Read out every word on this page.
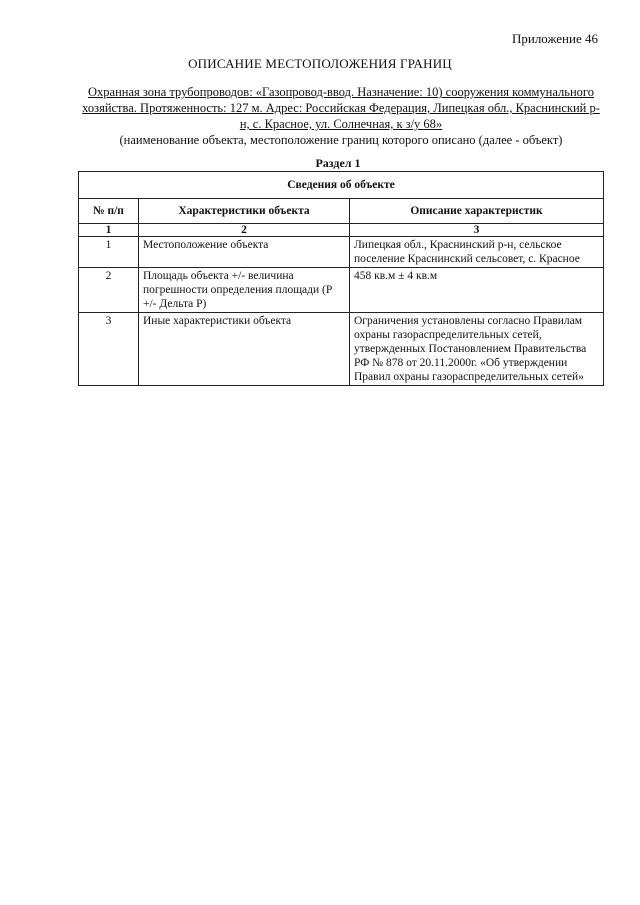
Приложение 46
ОПИСАНИЕ МЕСТОПОЛОЖЕНИЯ ГРАНИЦ
Охранная зона трубопроводов: «Газопровод-ввод. Назначение: 10) сооружения коммунального хозяйства. Протяженность: 127 м. Адрес: Российская Федерация, Липецкая обл., Краснинский р-н, с. Красное, ул. Солнечная, к з/у 68»
(наименование объекта, местоположение границ которого описано (далее - объект)
Раздел 1
Сведения об объекте		
№ п/п	Характеристики объекта	Описание характеристик
1	2	3
1	Местоположение объекта	Липецкая обл., Краснинский р-н, сельское поселение Краснинский сельсовет, с. Красное
2	Площадь объекта +/- величина погрешности определения площади (Р +/- Дельта Р)	458 кв.м ± 4 кв.м
3	Иные характеристики объекта	Ограничения установлены согласно Правилам охраны газораспределительных сетей, утвержденных Постановлением Правительства РФ № 878 от 20.11.2000г. «Об утверждении Правил охраны газораспределительных сетей»
